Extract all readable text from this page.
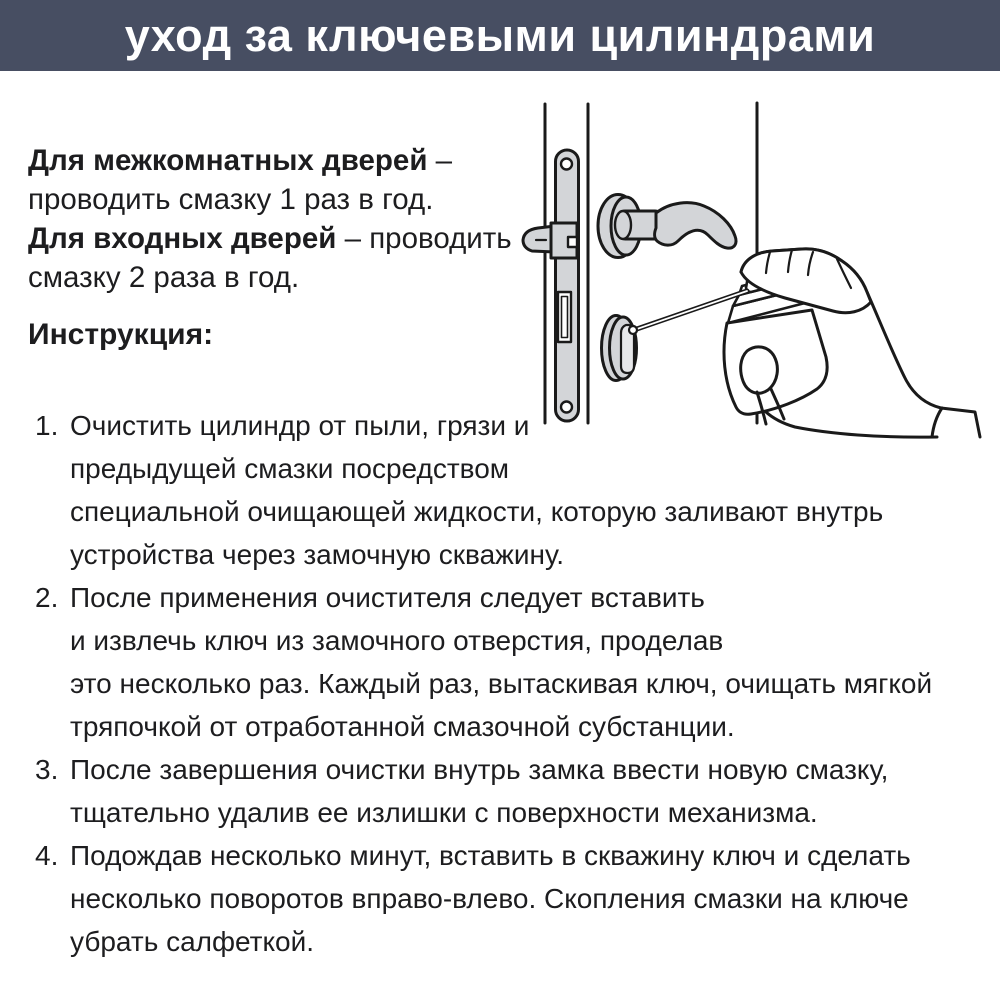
уход за ключевыми цилиндрами
Для межкомнатных дверей –
проводить смазку 1 раз в год.
Для входных дверей – проводить
смазку 2 раза в год.
Инструкция:
1. Очистить цилиндр от пыли, грязи и
предыдущей смазки посредством
специальной очищающей жидкости, которую заливают внутрь
устройства через замочную скважину.
2. После применения очистителя следует вставить
и извлечь ключ из замочного отверстия, проделав
это несколько раз. Каждый раз, вытаскивая ключ, очищать мягкой
тряпочкой от отработанной смазочной субстанции.
3. После завершения очистки внутрь замка ввести новую смазку,
тщательно удалив ее излишки с поверхности механизма.
4. Подождав несколько минут, вставить в скважину ключ и сделать
несколько поворотов вправо-влево. Скопления смазки на ключе
убрать салфеткой.
